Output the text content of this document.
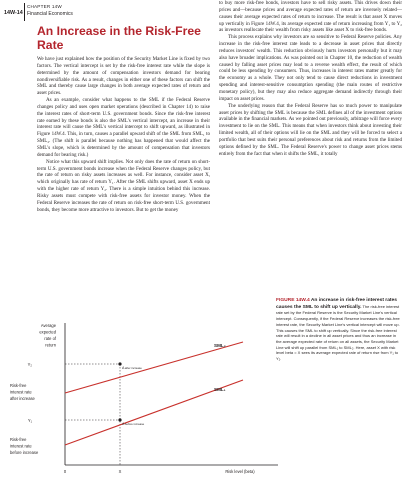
14W-14
CHAPTER 14W
Financial Economics
An Increase in the Risk-Free Rate

We have just explained how the position of the Security Market Line is fixed by two factors. The vertical intercept is set by the risk-free interest rate while the slope is determined by the amount of compensation investors demand for bearing nondiversifiable risk. As a result, changes in either one of these factors can shift the SML and thereby cause large changes in both average expected rates of return and asset prices.

As an example, consider what happens to the SML if the Federal Reserve changes policy and uses open market operations (described in Chapter 14) to raise the interest rates of short-term U.S. government bonds. Since the risk-free interest rate earned by these bonds is also the SML's vertical intercept, an increase in their interest rate will cause the SML's vertical intercept to shift upward, as illustrated in Figure 14W.4. This, in turn, causes a parallel upward shift of the SML from SML₁ to SML₂. (The shift is parallel because nothing has happened that would affect the SML's slope, which is determined by the amount of compensation that investors demand for bearing risk.)

Notice what this upward shift implies. Not only does the rate of return on short-term U.S. government bonds increase when the Federal Reserve changes policy, but the rate of return on risky assets increases as well. For instance, consider asset X, which originally has rate of return Y₁. After the SML shifts upward, asset X ends up with the higher rate of return Y₂. There is a simple intuition behind this increase. Risky assets must compete with risk-free assets for investor money. When the Federal Reserve increases the rate of return on risk-free short-term U.S. government bonds, they become more attractive to investors. But to get the money

to buy more risk-free bonds, investors have to sell risky assets. This drives down their prices and—because prices and average expected rates of return are inversely related—causes their average expected rates of return to increase. The result is that asset X moves up vertically in Figure 14W.4, its average expected rate of return increasing from Y₁ to Y₂ as investors reallocate their wealth from risky assets like asset X to risk-free bonds.

This process explains why investors are so sensitive to Federal Reserve policies. Any increase in the risk-free interest rate leads to a decrease in asset prices that directly reduces investors' wealth. This reduction obviously hurts investors personally but it may also have broader implications. As was pointed out in Chapter 10, the reduction of wealth caused by falling asset prices may lead to a reverse wealth effect, the result of which could be less spending by consumers. Thus, increases in interest rates matter greatly for the economy as a whole. They not only tend to cause direct reductions in investment spending and interest-sensitive consumption spending (the main routes of restrictive monetary policy), but they may also reduce aggregate demand indirectly through their impact on asset prices.

The underlying reason that the Federal Reserve has so much power to manipulate asset prices by shifting the SML is because the SML defines all of the investment options available in the financial markets. As we pointed out previously, arbitrage will force every investment to lie on the SML. This means that when investors think about investing their limited wealth, all of their options will lie on the SML and they will be forced to select a portfolio that best suits their personal preferences about risk and returns from the limited options defined by the SML. The Federal Reserve's power to change asset prices stems entirely from the fact that when it shifts the SML, it totally

Average
expected
rate of
return
Aafter increase
Abefore increase
SML₂
SML₁
Y₂
Risk-free
interest rate
after increase
Y₁
Risk-free
interest rate
before increase
0	X	Risk level (beta)
FIGURE 14W.4 An increase in risk-free interest rates causes the SML to shift up vertically. The risk-free interest rate set by the Federal Reserve is the Security Market Line's vertical intercept. Consequently, if the Federal Reserve increases the risk-free interest rate, the Security Market Line's vertical intercept will move up. This causes the SML to shift up vertically. Since the risk-free interest rate will result in a decline in all asset prices and thus an increase in the average expected rate of return on all assets, the Security Market Line will shift up parallel from SML₁ to SML₂. Here, asset X with risk level beta = X sees its average expected rate of return rise from Y₁ to Y₂.
